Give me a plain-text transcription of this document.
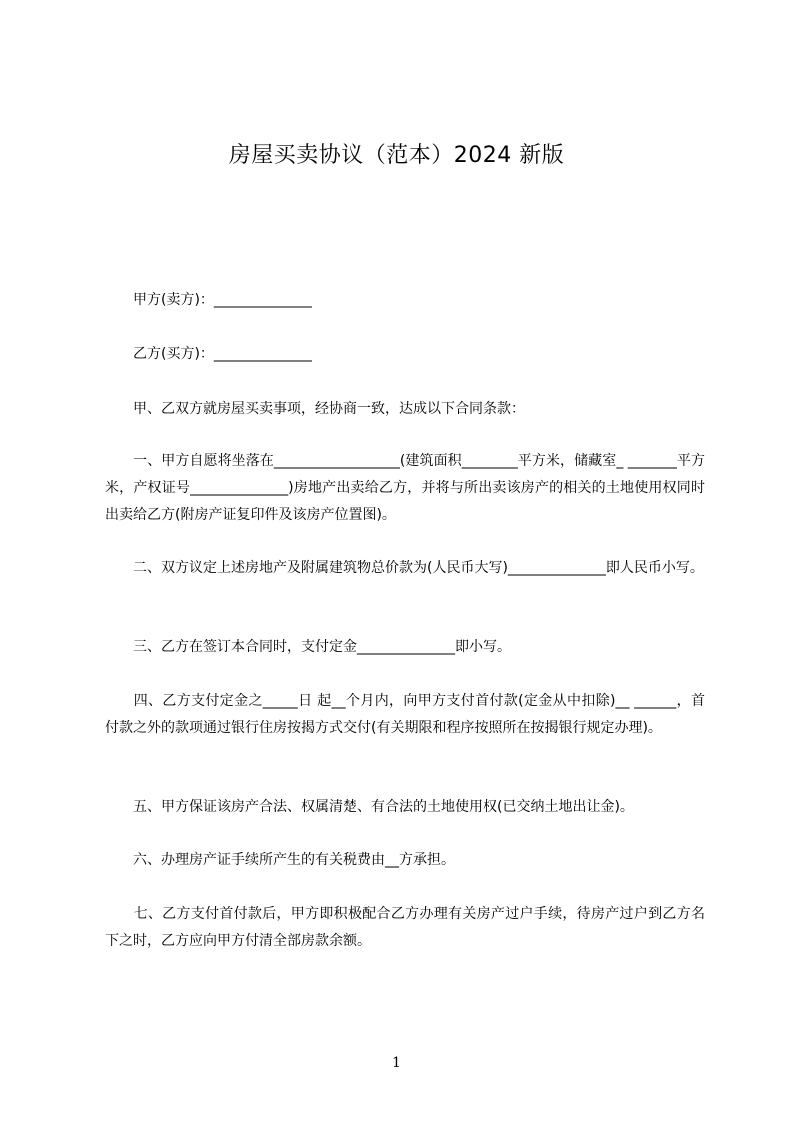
房屋买卖协议（范本）2024 新版

　　甲方(卖方)：______________

　　乙方(买方)：______________

　　甲、乙双方就房屋买卖事项，经协商一致，达成以下合同条款：

　　一、甲方自愿将坐落在__________________(建筑面积________平方米，储藏室_ _______平方米，产权证号______________)房地产出卖给乙方，并将与所出卖该房产的相关的土地使用权同时出卖给乙方(附房产证复印件及该房产位置图)。

　　二、双方议定上述房地产及附属建筑物总价款为(人民币大写)______________即人民币小写。

　　三、乙方在签订本合同时，支付定金______________即小写。

　　四、乙方支付定金之_____日 起__个月内，向甲方支付首付款(定金从中扣除)__ ______，首付款之外的款项通过银行住房按揭方式交付(有关期限和程序按照所在按揭银行规定办理)。

　　五、甲方保证该房产合法、权属清楚、有合法的土地使用权(已交纳土地出让金)。

　　六、办理房产证手续所产生的有关税费由__方承担。

　　七、乙方支付首付款后，甲方即积极配合乙方办理有关房产过户手续，待房产过户到乙方名下之时，乙方应向甲方付清全部房款余额。

1
